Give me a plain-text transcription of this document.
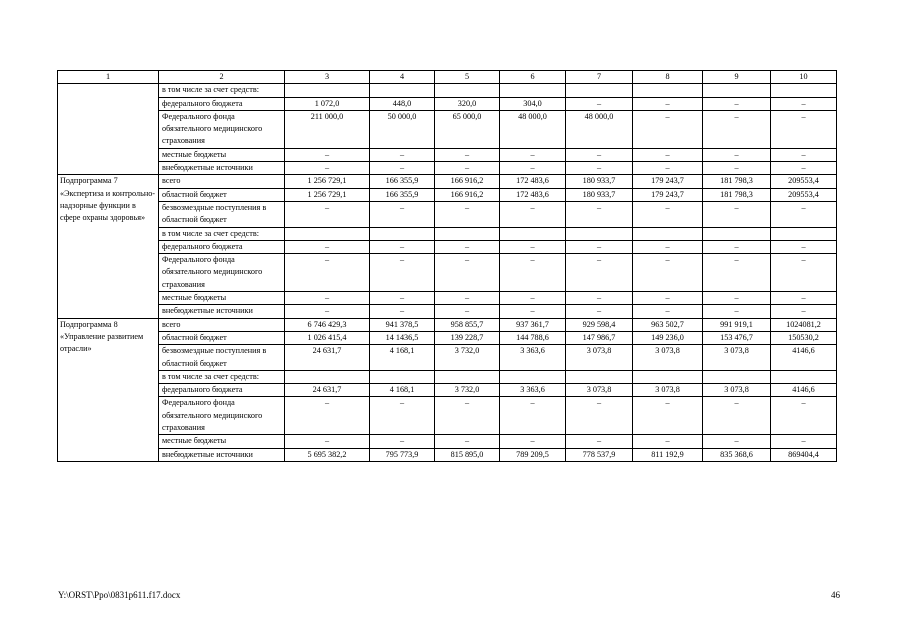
1	2	3	4	5	6	7	8	9	10
	в том числе за счет средств:								
	федерального бюджета	1 072,0	448,0	320,0	304,0	–	–	–	–
	Федерального фонда обязательного медицинского страхования	211 000,0	50 000,0	65 000,0	48 000,0	48 000,0	–	–	–
	местные бюджеты	–	–	–	–	–	–	–	–
	внебюджетные источники	–	–	–	–	–	–	–	–
Подпрограмма 7 «Экспертиза и контрольно-надзорные функции в сфере охраны здоровья»	всего	1 256 729,1	166 355,9	166 916,2	172 483,6	180 933,7	179 243,7	181 798,3	209553,4
	областной бюджет	1 256 729,1	166 355,9	166 916,2	172 483,6	180 933,7	179 243,7	181 798,3	209553,4
	безвозмездные поступления в областной бюджет	–	–	–	–	–	–	–	–
	в том числе за счет средств:								
	федерального бюджета	–	–	–	–	–	–	–	–
	Федерального фонда обязательного медицинского страхования	–	–	–	–	–	–	–	–
	местные бюджеты	–	–	–	–	–	–	–	–
	внебюджетные источники	–	–	–	–	–	–	–	–
Подпрограмма 8 «Управление развитием отрасли»	всего	6 746 429,3	941 378,5	958 855,7	937 361,7	929 598,4	963 502,7	991 919,1	1024081,2
	областной бюджет	1 026 415,4	14 1436,5	139 228,7	144 788,6	147 986,7	149 236,0	153 476,7	150530,2
	безвозмездные поступления в областной бюджет	24 631,7	4 168,1	3 732,0	3 363,6	3 073,8	3 073,8	3 073,8	4146,6
	в том числе за счет средств:								
	федерального бюджета	24 631,7	4 168,1	3 732,0	3 363,6	3 073,8	3 073,8	3 073,8	4146,6
	Федерального фонда обязательного медицинского страхования	–	–	–	–	–	–	–	–
	местные бюджеты	–	–	–	–	–	–	–	–
	внебюджетные источники	5 695 382,2	795 773,9	815 895,0	789 209,5	778 537,9	811 192,9	835 368,6	869404,4
Y:\ORST\Ppo\0831p611.f17.docx	46
